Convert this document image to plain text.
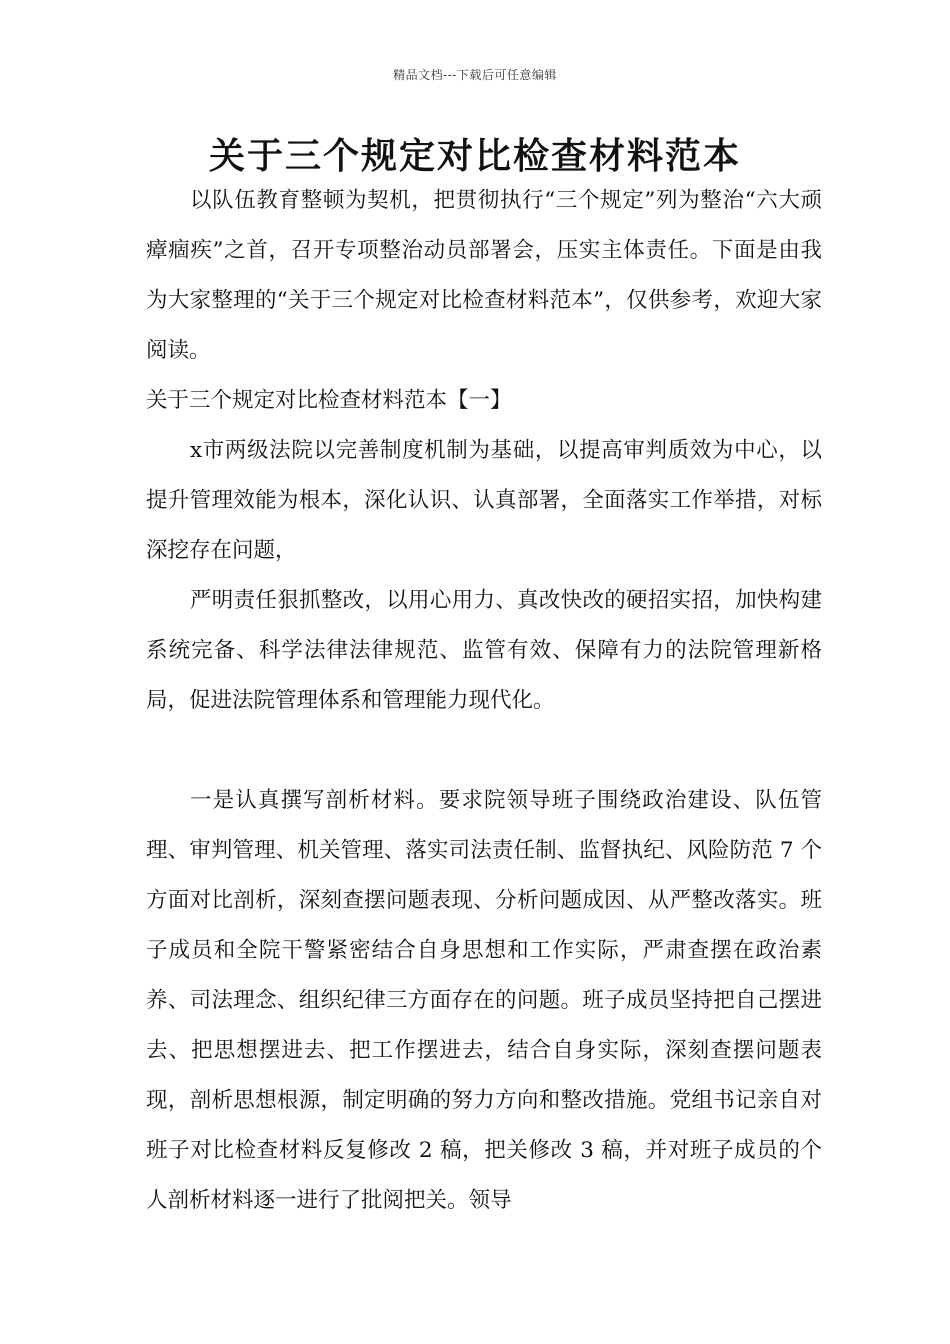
精品文档---下载后可任意编辑
关于三个规定对比检查材料范本

以队伍教育整顿为契机，把贯彻执行“三个规定”列为整治“六大顽瘴痼疾”之首，召开专项整治动员部署会，压实主体责任。下面是由我为大家整理的“关于三个规定对比检查材料范本”，仅供参考，欢迎大家阅读。

关于三个规定对比检查材料范本【一】

x市两级法院以完善制度机制为基础，以提高审判质效为中心，以提升管理效能为根本，深化认识、认真部署，全面落实工作举措，对标深挖存在问题，

严明责任狠抓整改，以用心用力、真改快改的硬招实招，加快构建系统完备、科学法律法律规范、监管有效、保障有力的法院管理新格局，促进法院管理体系和管理能力现代化。

一是认真撰写剖析材料。要求院领导班子围绕政治建设、队伍管理、审判管理、机关管理、落实司法责任制、监督执纪、风险防范 7 个方面对比剖析，深刻查摆问题表现、分析问题成因、从严整改落实。班子成员和全院干警紧密结合自身思想和工作实际，严肃查摆在政治素养、司法理念、组织纪律三方面存在的问题。班子成员坚持把自己摆进去、把思想摆进去、把工作摆进去，结合自身实际，深刻查摆问题表现，剖析思想根源，制定明确的努力方向和整改措施。党组书记亲自对班子对比检查材料反复修改 2 稿，把关修改 3 稿，并对班子成员的个人剖析材料逐一进行了批阅把关。领导
